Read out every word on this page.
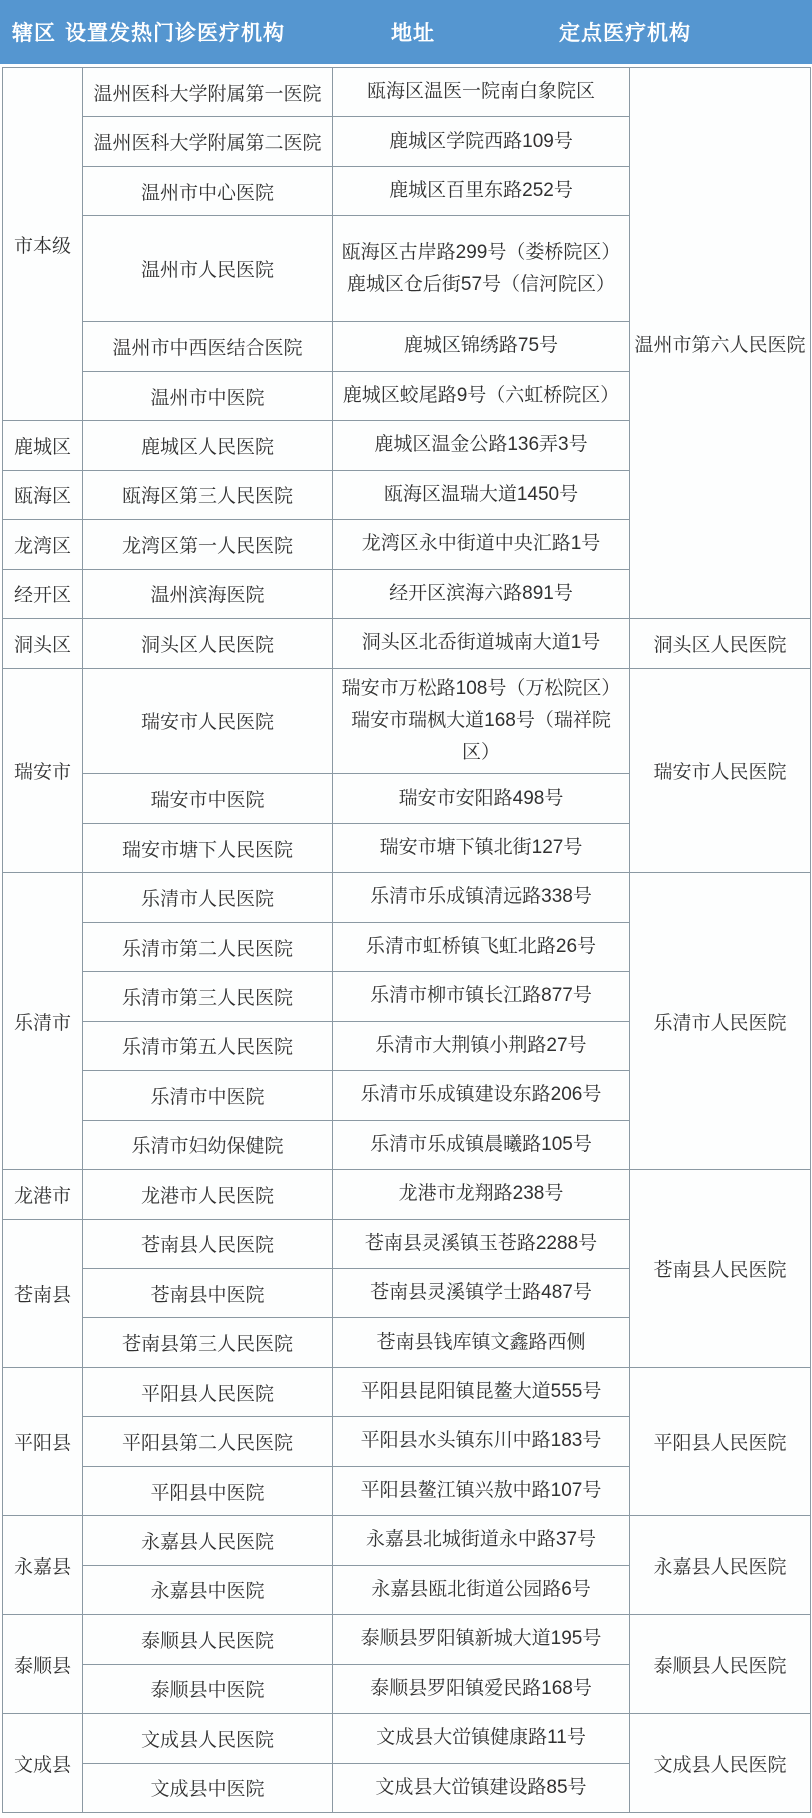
辖区 设置发热门诊医疗机构	地址	定点医疗机构
市本级	温州医科大学附属第一医院	瓯海区温医一院南白象院区	温州市第六人民医院
	温州医科大学附属第二医院	鹿城区学院西路109号	

	温州市中心医院	鹿城区百里东路252号	

	温州市人民医院	瓯海区古岸路299号（娄桥院区）
鹿城区仓后街57号（信河院区）	

	温州市中西医结合医院	鹿城区锦绣路75号	

	温州市中医院	鹿城区蛟尾路9号（六虹桥院区）	

鹿城区	鹿城区人民医院	鹿城区温金公路136弄3号	

瓯海区	瓯海区第三人民医院	瓯海区温瑞大道1450号	

龙湾区	龙湾区第一人民医院	龙湾区永中街道中央汇路1号	

经开区	温州滨海医院	经开区滨海六路891号	

洞头区	洞头区人民医院	洞头区北岙街道城南大道1号	洞头区人民医院
瑞安市	瑞安市人民医院	瑞安市万松路108号（万松院区）
瑞安市瑞枫大道168号（瑞祥院区）	瑞安市人民医院
	瑞安市中医院	瑞安市安阳路498号	

	瑞安市塘下人民医院	瑞安市塘下镇北街127号	

乐清市	乐清市人民医院	乐清市乐成镇清远路338号	乐清市人民医院
	乐清市第二人民医院	乐清市虹桥镇飞虹北路26号	

	乐清市第三人民医院	乐清市柳市镇长江路877号	

	乐清市第五人民医院	乐清市大荆镇小荆路27号	

	乐清市中医院	乐清市乐成镇建设东路206号	

	乐清市妇幼保健院	乐清市乐成镇晨曦路105号	

龙港市	龙港市人民医院	龙港市龙翔路238号	苍南县人民医院
苍南县	苍南县人民医院	苍南县灵溪镇玉苍路2288号	

	苍南县中医院	苍南县灵溪镇学士路487号	

	苍南县第三人民医院	苍南县钱库镇文鑫路西侧	

平阳县	平阳县人民医院	平阳县昆阳镇昆鳌大道555号	平阳县人民医院
	平阳县第二人民医院	平阳县水头镇东川中路183号	

	平阳县中医院	平阳县鳌江镇兴敖中路107号	

永嘉县	永嘉县人民医院	永嘉县北城街道永中路37号	永嘉县人民医院
	永嘉县中医院	永嘉县瓯北街道公园路6号	

泰顺县	泰顺县人民医院	泰顺县罗阳镇新城大道195号	泰顺县人民医院
	泰顺县中医院	泰顺县罗阳镇爱民路168号	

文成县	文成县人民医院	文成县大峃镇健康路11号	文成县人民医院
	文成县中医院	文成县大峃镇建设路85号	
